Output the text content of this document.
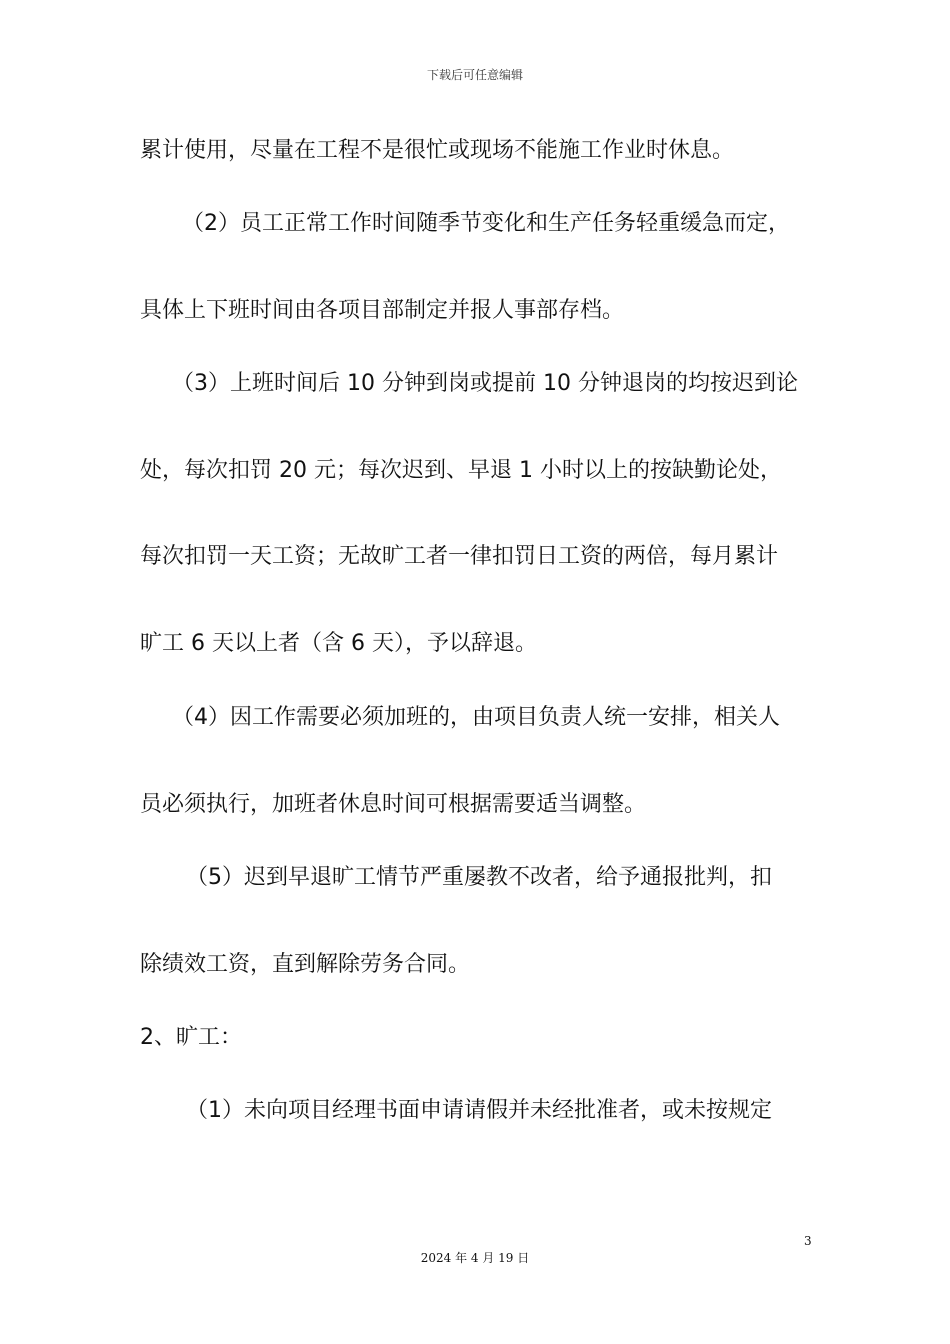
下载后可任意编辑
累计使用，尽量在工程不是很忙或现场不能施工作业时休息。
（2）员工正常工作时间随季节变化和生产任务轻重缓急而定，
具体上下班时间由各项目部制定并报人事部存档。
（3）上班时间后 10 分钟到岗或提前 10 分钟退岗的均按迟到论
处，每次扣罚 20 元；每次迟到、早退 1 小时以上的按缺勤论处，
每次扣罚一天工资；无故旷工者一律扣罚日工资的两倍，每月累计
旷工 6 天以上者（含 6 天），予以辞退。
（4）因工作需要必须加班的，由项目负责人统一安排，相关人
员必须执行，加班者休息时间可根据需要适当调整。
（5）迟到早退旷工情节严重屡教不改者，给予通报批判，扣
除绩效工资，直到解除劳务合同。
2、旷工：
（1）未向项目经理书面申请请假并未经批准者，或未按规定
3
2024 年 4 月 19 日
